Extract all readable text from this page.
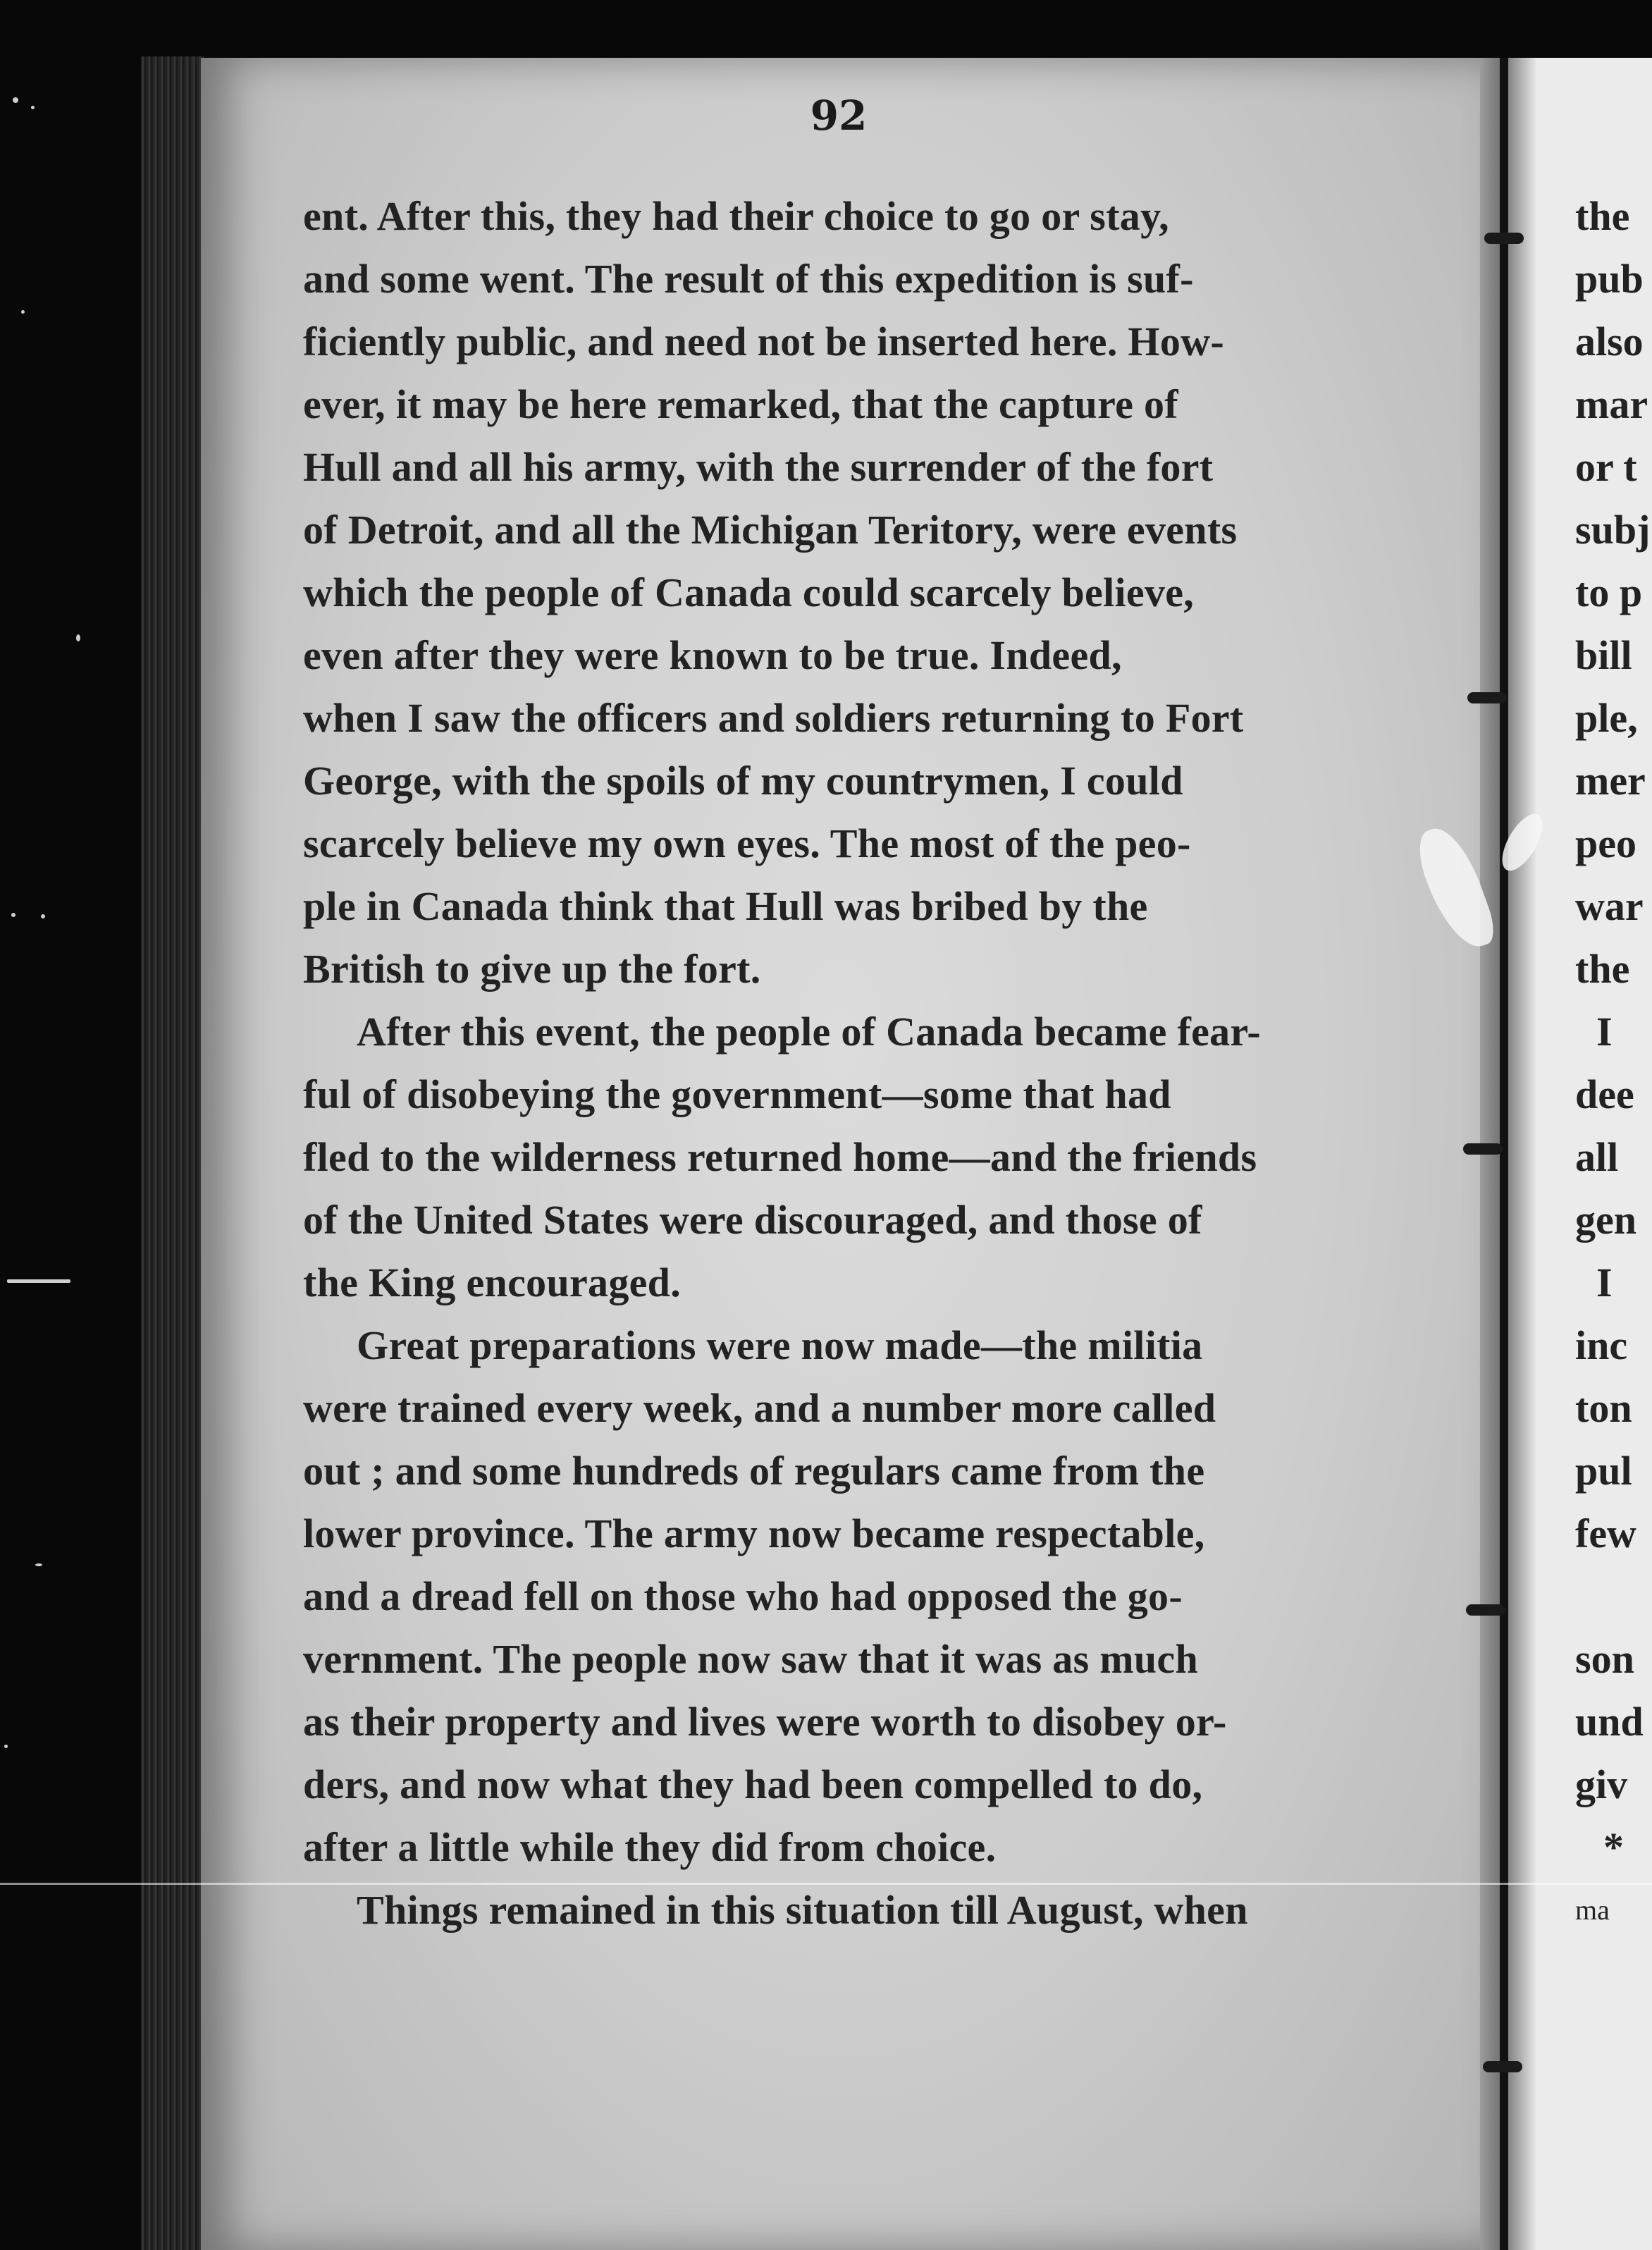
92
ent. After this, they had their choice to go or stay,
and some went. The result of this expedition is suf-
ficiently public, and need not be inserted here. How-
ever, it may be here remarked, that the capture of
Hull and all his army, with the surrender of the fort
of Detroit, and all the Michigan Teritory, were events
which the people of Canada could scarcely believe,
even after they were known to be true. Indeed,
when I saw the officers and soldiers returning to Fort
George, with the spoils of my countrymen, I could
scarcely believe my own eyes. The most of the peo-
ple in Canada think that Hull was bribed by the
British to give up the fort.
After this event, the people of Canada became fear-
ful of disobeying the government—some that had
fled to the wilderness returned home—and the friends
of the United States were discouraged, and those of
the King encouraged.
Great preparations were now made—the militia
were trained every week, and a number more called
out ; and some hundreds of regulars came from the
lower province. The army now became respectable,
and a dread fell on those who had opposed the go-
vernment. The people now saw that it was as much
as their property and lives were worth to disobey or-
ders, and now what they had been compelled to do,
after a little while they did from choice.
Things remained in this situation till August, when
the
pub
also
mar
or t
subj
to p
bill
ple,
mer
peo
war
the
I
dee
all
gen
I
inc
ton
pul
few
son
und
giv
*
ma
